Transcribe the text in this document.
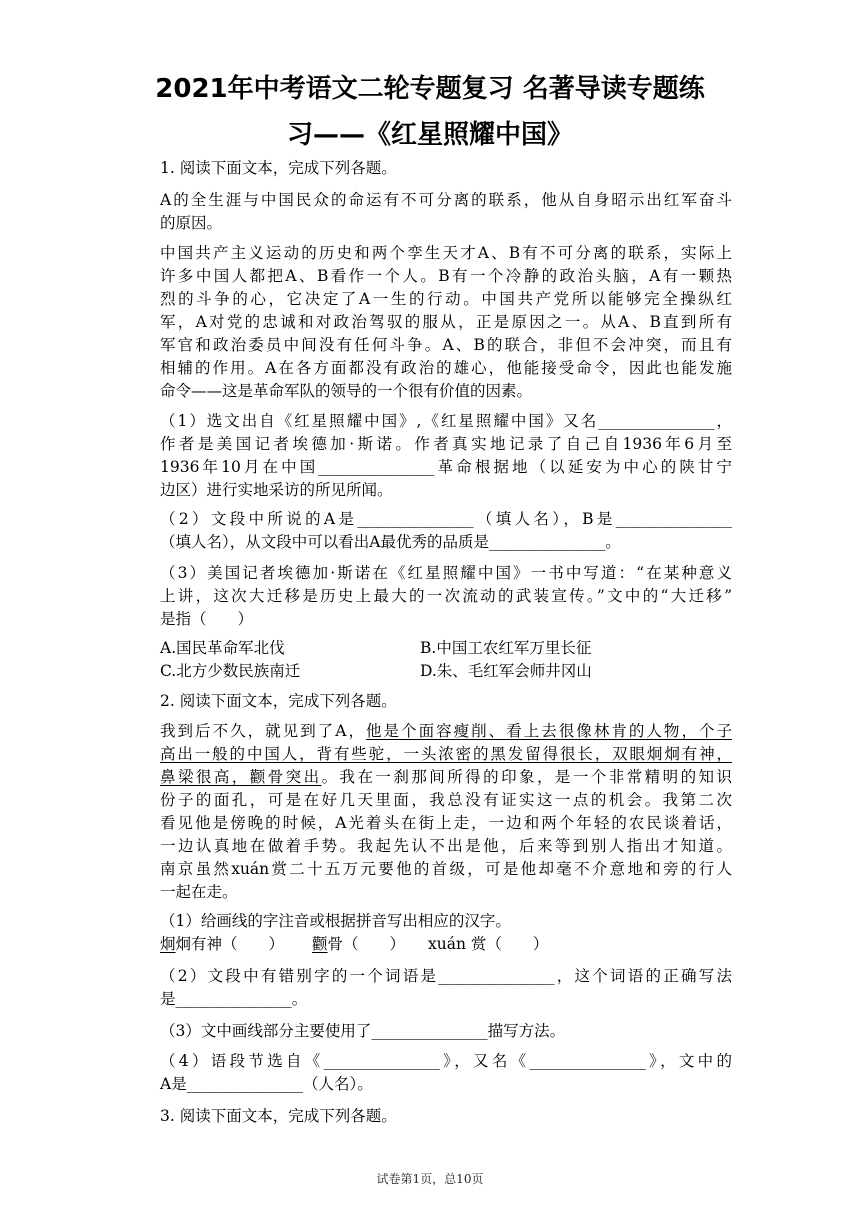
2021年中考语文二轮专题复习 名著导读专题练
习——《红星照耀中国》
1. 阅读下面文本，完成下列各题。
A的全生涯与中国民众的命运有不可分离的联系，他从自身昭示出红军奋斗
的原因。
中国共产主义运动的历史和两个孪生天才A、B有不可分离的联系，实际上
许多中国人都把A、B看作一个人。B有一个冷静的政治头脑，A有一颗热
烈的斗争的心，它决定了A一生的行动。中国共产党所以能够完全操纵红
军，A对党的忠诚和对政治驾驭的服从，正是原因之一。从A、B直到所有
军官和政治委员中间没有任何斗争。A、B的联合，非但不会冲突，而且有
相辅的作用。A在各方面都没有政治的雄心，他能接受命令，因此也能发施
命令——这是革命军队的领导的一个很有价值的因素。
（1）选文出自《红星照耀中国》,《红星照耀中国》又名_______________，
作者是美国记者埃德加·斯诺。作者真实地记录了自己自1936年6月至
1936年10月在中国_______________革命根据地（以延安为中心的陕甘宁
边区）进行实地采访的所见所闻。
（2）文段中所说的A是_______________（填人名），B是_______________
（填人名），从文段中可以看出A最优秀的品质是_______________。
（3）美国记者埃德加·斯诺在《红星照耀中国》一书中写道：“在某种意义
上讲，这次大迁移是历史上最大的一次流动的武装宣传。”文中的“大迁移”
是指（　　）
A.国民革命军北伐	B.中国工农红军万里长征
C.北方少数民族南迁	D.朱、毛红军会师井冈山
2. 阅读下面文本，完成下列各题。
我到后不久，就见到了A，他是个面容瘦削、看上去很像林肯的人物，个子
高出一般的中国人，背有些驼，一头浓密的黑发留得很长，双眼炯炯有神，
鼻梁很高，颧骨突出。我在一刹那间所得的印象，是一个非常精明的知识
份子的面孔，可是在好几天里面，我总没有证实这一点的机会。我第二次
看见他是傍晚的时候，A光着头在街上走，一边和两个年轻的农民谈着话，
一边认真地在做着手势。我起先认不出是他，后来等到别人指出才知道。
南京虽然xuán赏二十五万元要他的首级，可是他却毫不介意地和旁的行人
一起在走。
（1）给画线的字注音或根据拼音写出相应的汉字。
炯炯有神（　　） 颧骨（　　） xuán 赏（　　）
（2）文段中有错别字的一个词语是_______________，这个词语的正确写法
是_______________。
（3）文中画线部分主要使用了_______________描写方法。
（4）语段节选自《_______________》，又名《_______________》，文中的
A是_______________（人名）。
3. 阅读下面文本，完成下列各题。
试卷第1页，总10页
